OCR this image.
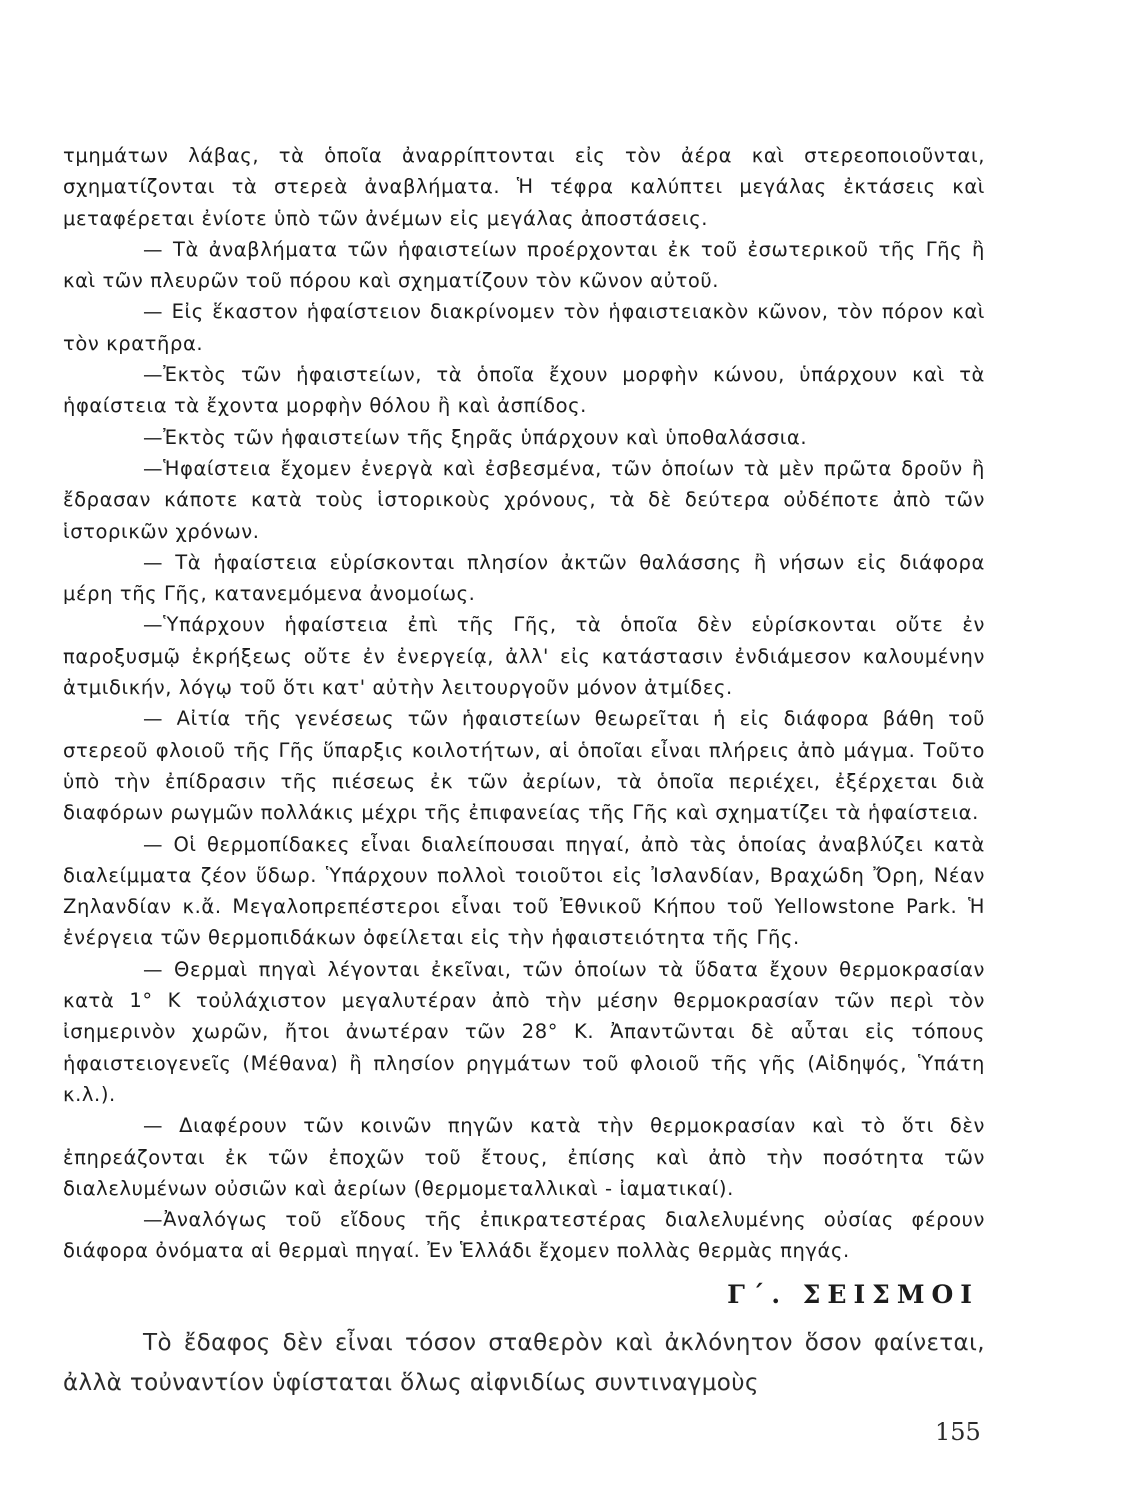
τμημάτων λάβας, τὰ ὁποῖα ἀναρρίπτονται εἰς τὸν ἀέρα καὶ στερεοποιοῦνται, σχηματίζονται τὰ στερεὰ ἀναβλήματα. Ἡ τέφρα καλύπτει μεγάλας ἐκτάσεις καὶ μεταφέρεται ἐνίοτε ὑπὸ τῶν ἀνέμων εἰς μεγάλας ἀποστάσεις.

— Τὰ ἀναβλήματα τῶν ἡφαιστείων προέρχονται ἐκ τοῦ ἐσωτερικοῦ τῆς Γῆς ἢ καὶ τῶν πλευρῶν τοῦ πόρου καὶ σχηματίζουν τὸν κῶνον αὐτοῦ.

— Εἰς ἕκαστον ἡφαίστειον διακρίνομεν τὸν ἡφαιστειακὸν κῶνον, τὸν πόρον καὶ τὸν κρατῆρα.

—Ἐκτὸς τῶν ἡφαιστείων, τὰ ὁποῖα ἔχουν μορφὴν κώνου, ὑπάρχουν καὶ τὰ ἡφαίστεια τὰ ἔχοντα μορφὴν θόλου ἢ καὶ ἀσπίδος.

—Ἐκτὸς τῶν ἡφαιστείων τῆς ξηρᾶς ὑπάρχουν καὶ ὑποθαλάσσια.

—Ἡφαίστεια ἔχομεν ἐνεργὰ καὶ ἐσβεσμένα, τῶν ὁποίων τὰ μὲν πρῶτα δροῦν ἢ ἔδρασαν κάποτε κατὰ τοὺς ἱστορικοὺς χρόνους, τὰ δὲ δεύτερα οὐδέποτε ἀπὸ τῶν ἱστορικῶν χρόνων.

— Τὰ ἡφαίστεια εὑρίσκονται πλησίον ἀκτῶν θαλάσσης ἢ νήσων εἰς διάφορα μέρη τῆς Γῆς, κατανεμόμενα ἀνομοίως.

—Ὑπάρχουν ἡφαίστεια ἐπὶ τῆς Γῆς, τὰ ὁποῖα δὲν εὑρίσκονται οὔτε ἐν παροξυσμῷ ἐκρήξεως οὔτε ἐν ἐνεργείᾳ, ἀλλ' εἰς κατάστασιν ἐνδιάμεσον καλουμένην ἀτμιδικήν, λόγῳ τοῦ ὅτι κατ' αὐτὴν λειτουργοῦν μόνον ἀτμίδες.

— Αἰτία τῆς γενέσεως τῶν ἡφαιστείων θεωρεῖται ἡ εἰς διάφορα βάθη τοῦ στερεοῦ φλοιοῦ τῆς Γῆς ὕπαρξις κοιλοτήτων, αἱ ὁποῖαι εἶναι πλήρεις ἀπὸ μάγμα. Τοῦτο ὑπὸ τὴν ἐπίδρασιν τῆς πιέσεως ἐκ τῶν ἀερίων, τὰ ὁποῖα περιέχει, ἐξέρχεται διὰ διαφόρων ρωγμῶν πολλάκις μέχρι τῆς ἐπιφανείας τῆς Γῆς καὶ σχηματίζει τὰ ἡφαίστεια.

— Οἱ θερμοπίδακες εἶναι διαλείπουσαι πηγαί, ἀπὸ τὰς ὁποίας ἀναβλύζει κατὰ διαλείμματα ζέον ὕδωρ. Ὑπάρχουν πολλοὶ τοιοῦτοι εἰς Ἰσλανδίαν, Βραχώδη Ὄρη, Νέαν Ζηλανδίαν κ.ἄ. Μεγαλοπρεπέστεροι εἶναι τοῦ Ἐθνικοῦ Κήπου τοῦ Yellowstone Park. Ἡ ἐνέργεια τῶν θερμοπιδάκων ὀφείλεται εἰς τὴν ἡφαιστειότητα τῆς Γῆς.

— Θερμαὶ πηγαὶ λέγονται ἐκεῖναι, τῶν ὁποίων τὰ ὕδατα ἔχουν θερμοκρασίαν κατὰ 1° Κ τοὐλάχιστον μεγαλυτέραν ἀπὸ τὴν μέσην θερμοκρασίαν τῶν περὶ τὸν ἰσημερινὸν χωρῶν, ἤτοι ἀνωτέραν τῶν 28° Κ. Ἀπαντῶνται δὲ αὗται εἰς τόπους ἡφαιστειογενεῖς (Μέθανα) ἢ πλησίον ρηγμάτων τοῦ φλοιοῦ τῆς γῆς (Αἰδηψός, Ὑπάτη κ.λ.).

— Διαφέρουν τῶν κοινῶν πηγῶν κατὰ τὴν θερμοκρασίαν καὶ τὸ ὅτι δὲν ἐπηρεάζονται ἐκ τῶν ἐποχῶν τοῦ ἔτους, ἐπίσης καὶ ἀπὸ τὴν ποσότητα τῶν διαλελυμένων οὐσιῶν καὶ ἀερίων (θερμομεταλλικαὶ - ἰαματικαί).

—Ἀναλόγως τοῦ εἴδους τῆς ἐπικρατεστέρας διαλελυμένης οὐσίας φέρουν διάφορα ὀνόματα αἱ θερμαὶ πηγαί. Ἐν Ἑλλάδι ἔχομεν πολλὰς θερμὰς πηγάς.

Γ΄. ΣΕΙΣΜΟΙ

Τὸ ἔδαφος δὲν εἶναι τόσον σταθερὸν καὶ ἀκλόνητον ὅσον φαίνεται, ἀλλὰ τοὐναντίον ὑφίσταται ὅλως αἰφνιδίως συντιναγμοὺς

155
